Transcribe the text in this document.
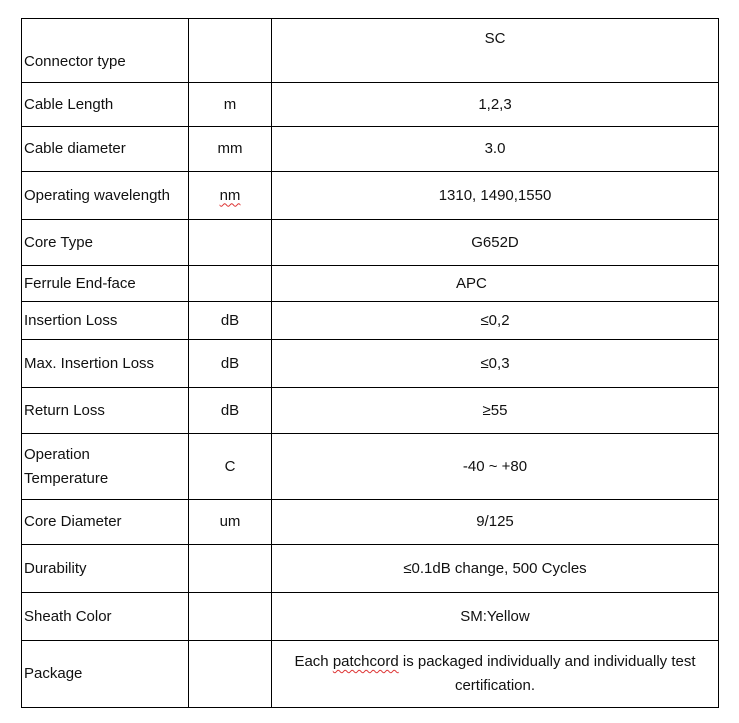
Connector type		SC
Cable Length	m	1,2,3
Cable diameter	mm	3.0
Operating wavelength	nm	1310, 1490,1550
Core Type		G652D
Ferrule End-face		APC
Insertion Loss	dB	≤0,2
Max. Insertion Loss	dB	≤0,3
Return Loss	dB	≥55

Operation
Temperature	C	-40 ~ +80
Core Diameter	um	9/125
Durability		≤0.1dB change, 500 Cycles
Sheath Color		SM:Yellow
Package		Each patchcord is packaged individually and individually test
certification.
